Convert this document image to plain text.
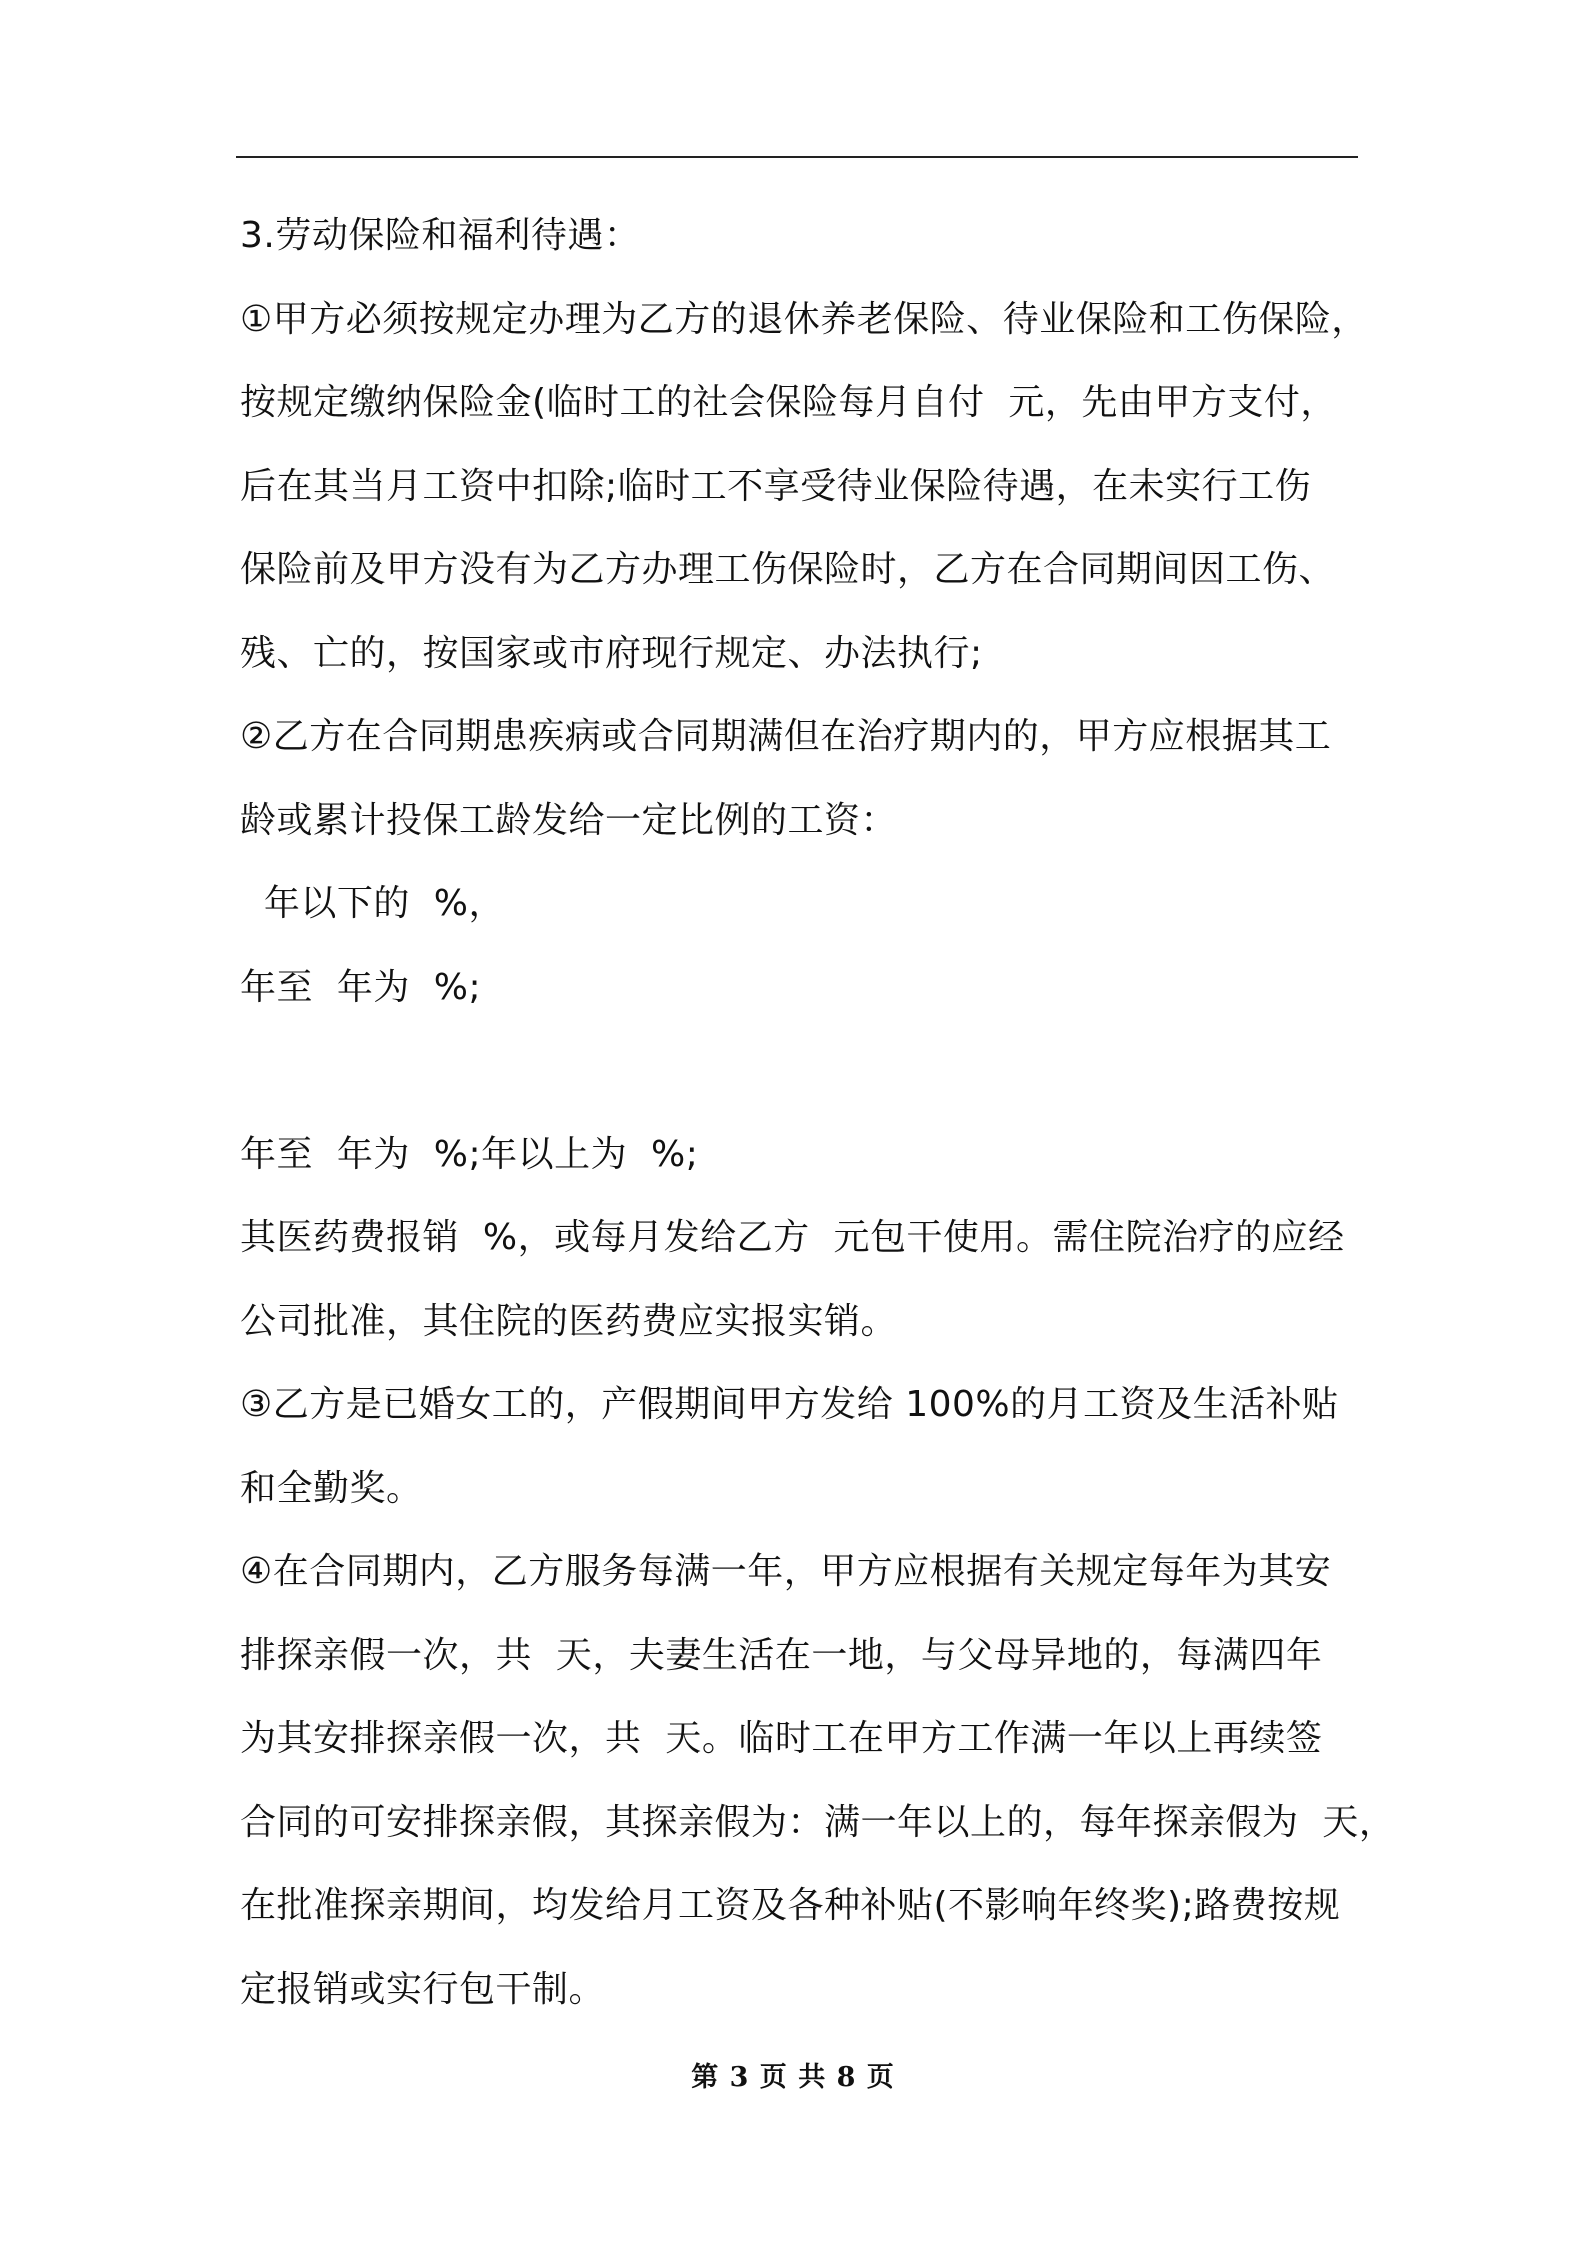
3.劳动保险和福利待遇：
①甲方必须按规定办理为乙方的退休养老保险、待业保险和工伤保险，
按规定缴纳保险金(临时工的社会保险每月自付  元，先由甲方支付，
后在其当月工资中扣除;临时工不享受待业保险待遇，在未实行工伤
保险前及甲方没有为乙方办理工伤保险时，乙方在合同期间因工伤、
残、亡的，按国家或市府现行规定、办法执行;
②乙方在合同期患疾病或合同期满但在治疗期内的，甲方应根据其工
龄或累计投保工龄发给一定比例的工资：
年以下的  %，
年至  年为  %;
年至  年为  %;年以上为  %;
其医药费报销  %，或每月发给乙方  元包干使用。需住院治疗的应经
公司批准，其住院的医药费应实报实销。
③乙方是已婚女工的，产假期间甲方发给 100%的月工资及生活补贴
和全勤奖。
④在合同期内，乙方服务每满一年，甲方应根据有关规定每年为其安
排探亲假一次，共  天，夫妻生活在一地，与父母异地的，每满四年
为其安排探亲假一次，共  天。临时工在甲方工作满一年以上再续签
合同的可安排探亲假，其探亲假为：满一年以上的，每年探亲假为  天，
在批准探亲期间，均发给月工资及各种补贴(不影响年终奖);路费按规
定报销或实行包干制。
第 3 页 共 8 页
